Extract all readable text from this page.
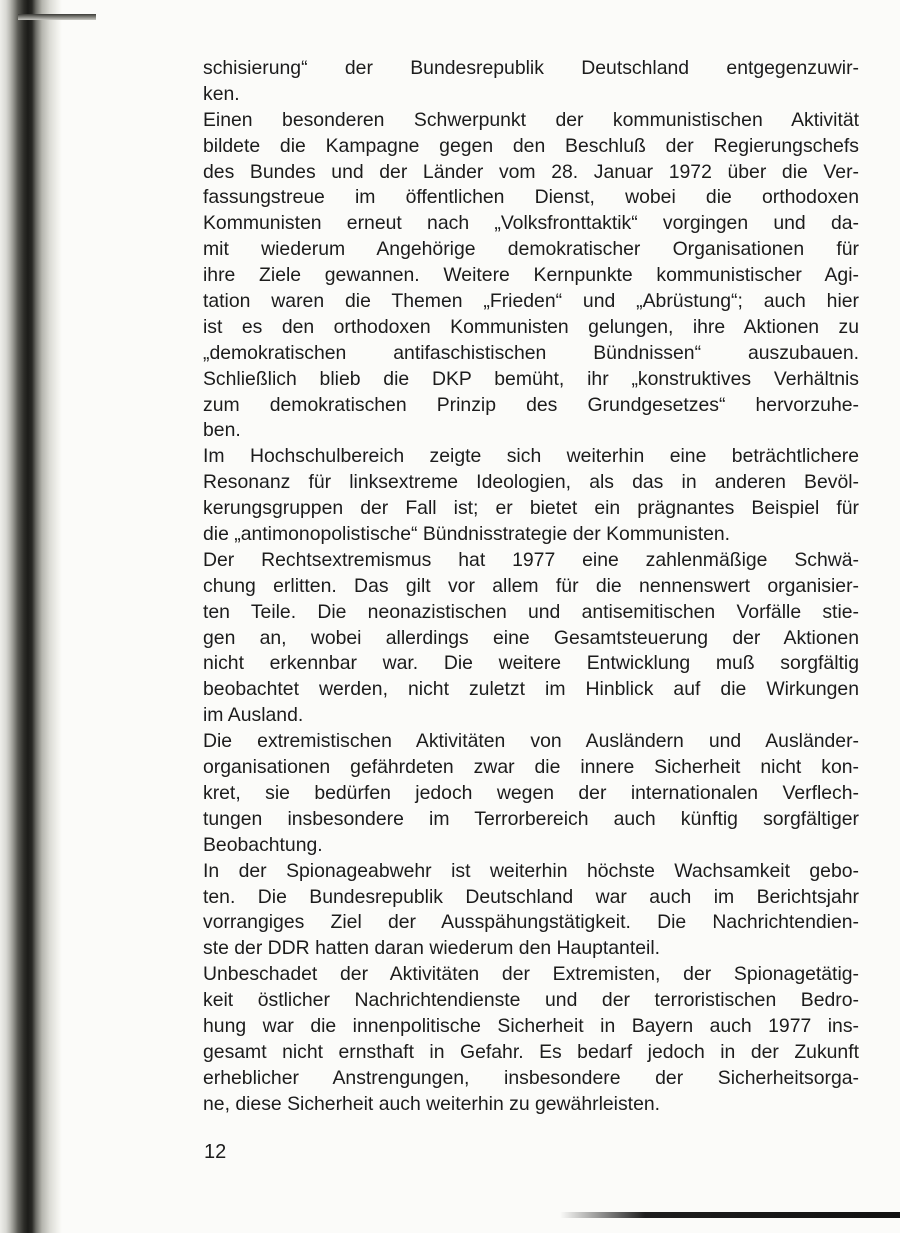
schisierung“ der Bundesrepublik Deutschland entgegenzuwir-
ken.
Einen besonderen Schwerpunkt der kommunistischen Aktivität
bildete die Kampagne gegen den Beschluß der Regierungschefs
des Bundes und der Länder vom 28. Januar 1972 über die Ver-
fassungstreue im öffentlichen Dienst, wobei die orthodoxen
Kommunisten erneut nach „Volksfronttaktik“ vorgingen und da-
mit wiederum Angehörige demokratischer Organisationen für
ihre Ziele gewannen. Weitere Kernpunkte kommunistischer Agi-
tation waren die Themen „Frieden“ und „Abrüstung“; auch hier
ist es den orthodoxen Kommunisten gelungen, ihre Aktionen zu
„demokratischen antifaschistischen Bündnissen“ auszubauen.
Schließlich blieb die DKP bemüht, ihr „konstruktives Verhältnis
zum demokratischen Prinzip des Grundgesetzes“ hervorzuhe-
ben.
Im Hochschulbereich zeigte sich weiterhin eine beträchtlichere
Resonanz für linksextreme Ideologien, als das in anderen Bevöl-
kerungsgruppen der Fall ist; er bietet ein prägnantes Beispiel für
die „antimonopolistische“ Bündnisstrategie der Kommunisten.
Der Rechtsextremismus hat 1977 eine zahlenmäßige Schwä-
chung erlitten. Das gilt vor allem für die nennenswert organisier-
ten Teile. Die neonazistischen und antisemitischen Vorfälle stie-
gen an, wobei allerdings eine Gesamtsteuerung der Aktionen
nicht erkennbar war. Die weitere Entwicklung muß sorgfältig
beobachtet werden, nicht zuletzt im Hinblick auf die Wirkungen
im Ausland.
Die extremistischen Aktivitäten von Ausländern und Ausländer-
organisationen gefährdeten zwar die innere Sicherheit nicht kon-
kret, sie bedürfen jedoch wegen der internationalen Verflech-
tungen insbesondere im Terrorbereich auch künftig sorgfältiger
Beobachtung.
In der Spionageabwehr ist weiterhin höchste Wachsamkeit gebo-
ten. Die Bundesrepublik Deutschland war auch im Berichtsjahr
vorrangiges Ziel der Ausspähungstätigkeit. Die Nachrichtendien-
ste der DDR hatten daran wiederum den Hauptanteil.
Unbeschadet der Aktivitäten der Extremisten, der Spionagetätig-
keit östlicher Nachrichtendienste und der terroristischen Bedro-
hung war die innenpolitische Sicherheit in Bayern auch 1977 ins-
gesamt nicht ernsthaft in Gefahr. Es bedarf jedoch in der Zukunft
erheblicher Anstrengungen, insbesondere der Sicherheitsorga-
ne, diese Sicherheit auch weiterhin zu gewährleisten.
12
